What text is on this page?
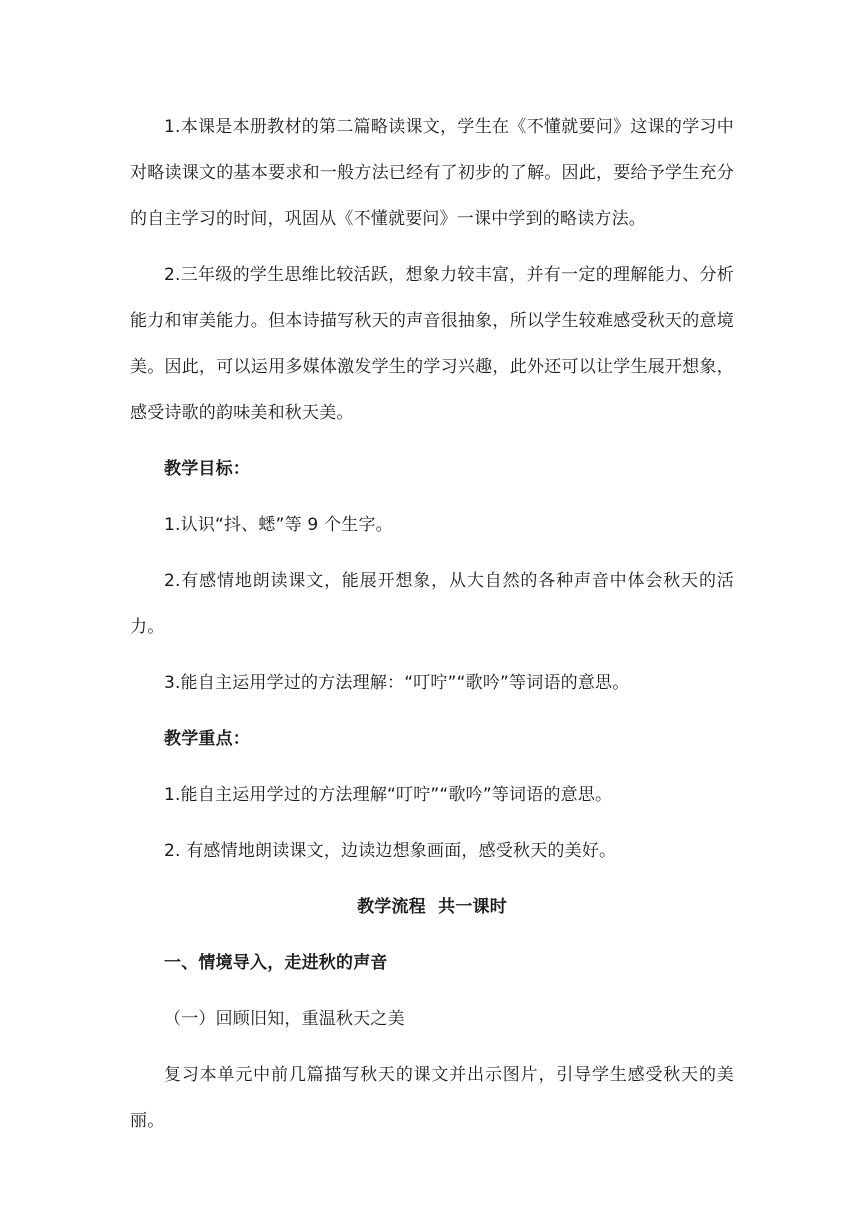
1.本课是本册教材的第二篇略读课文，学生在《不懂就要问》这课的学习中对略读课文的基本要求和一般方法已经有了初步的了解。因此，要给予学生充分的自主学习的时间，巩固从《不懂就要问》一课中学到的略读方法。

2.三年级的学生思维比较活跃，想象力较丰富，并有一定的理解能力、分析能力和审美能力。但本诗描写秋天的声音很抽象，所以学生较难感受秋天的意境美。因此，可以运用多媒体激发学生的学习兴趣，此外还可以让学生展开想象，感受诗歌的韵味美和秋天美。

教学目标：

1.认识“抖、蟋”等 9 个生字。

2.有感情地朗读课文，能展开想象，从大自然的各种声音中体会秋天的活力。

3.能自主运用学过的方法理解：“叮咛”“歌吟”等词语的意思。

教学重点：

1.能自主运用学过的方法理解“叮咛”“歌吟”等词语的意思。

2. 有感情地朗读课文，边读边想象画面，感受秋天的美好。

教学流程  共一课时

一、情境导入，走进秋的声音

（一）回顾旧知，重温秋天之美

复习本单元中前几篇描写秋天的课文并出示图片，引导学生感受秋天的美丽。
